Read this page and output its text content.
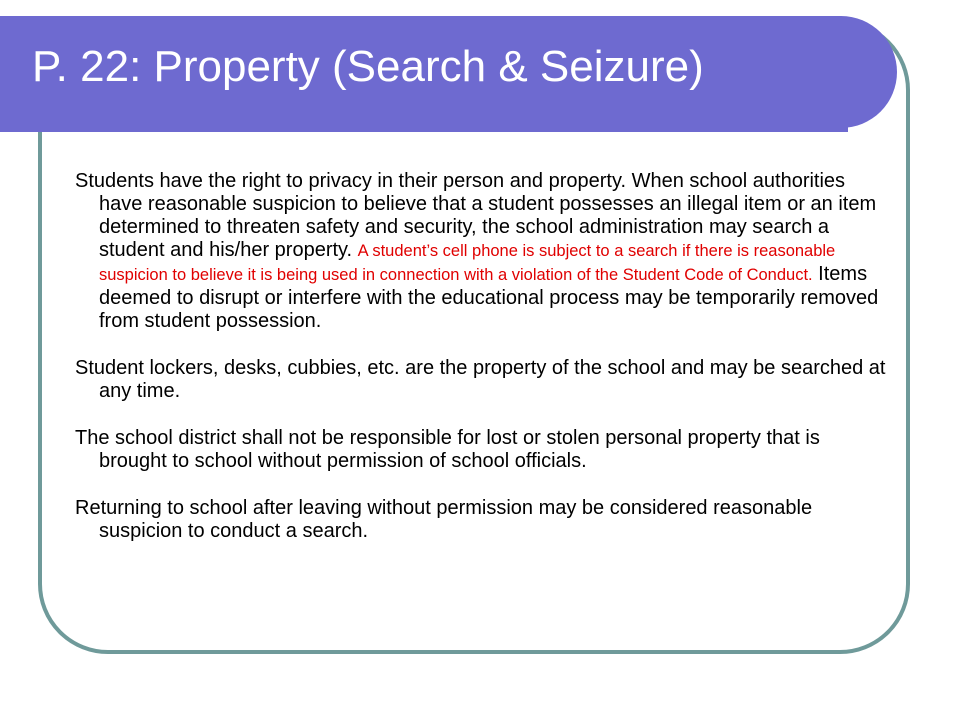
P. 22: Property (Search & Seizure)

Students have the right to privacy in their person and property. When school authorities have reasonable suspicion to believe that a student possesses an illegal item or an item determined to threaten safety and security, the school administration may search a student and his/her property. A student’s cell phone is subject to a search if there is reasonable suspicion to believe it is being used in connection with a violation of the Student Code of Conduct. Items deemed to disrupt or interfere with the educational process may be temporarily removed from student possession.

Student lockers, desks, cubbies, etc. are the property of the school and may be searched at any time.

The school district shall not be responsible for lost or stolen personal property that is brought to school without permission of school officials.

Returning to school after leaving without permission may be considered reasonable suspicion to conduct a search.
